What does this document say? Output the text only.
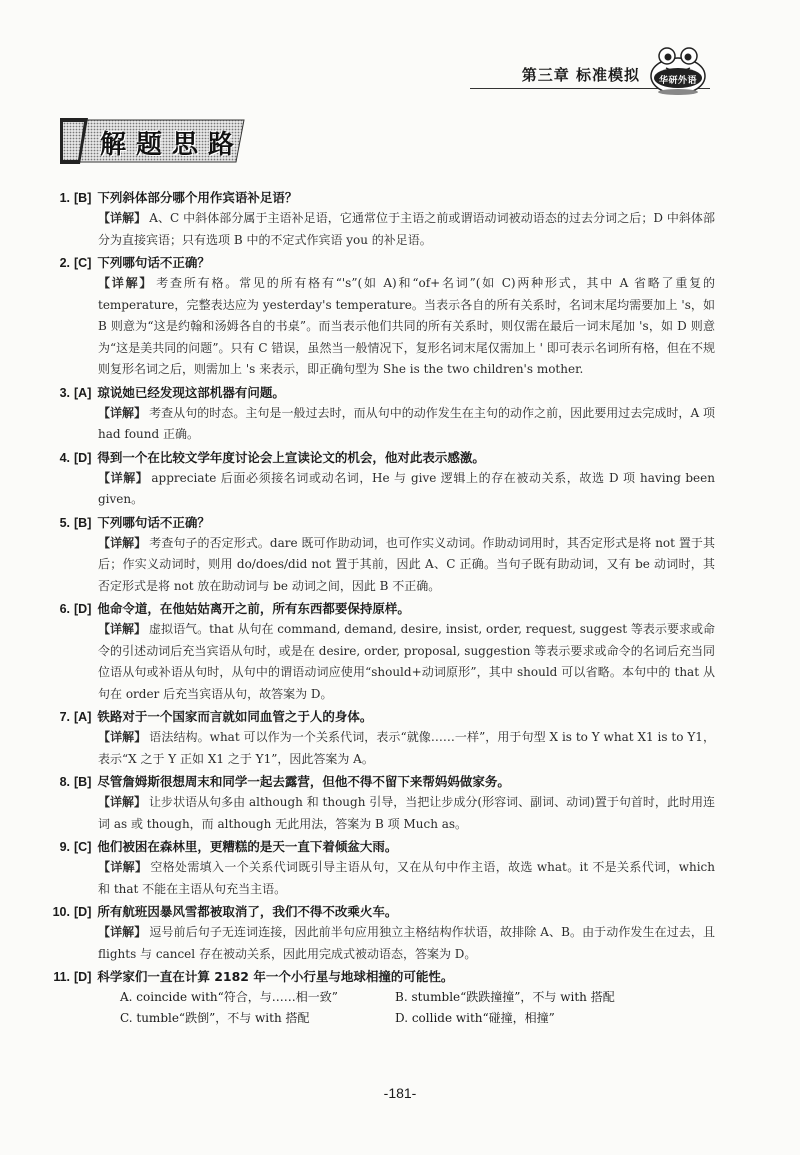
第三章 标准模拟	华研外语
解题思路
1. [B] 下列斜体部分哪个用作宾语补足语？
【详解】 A、C 中斜体部分属于主语补足语，它通常位于主语之前或谓语动词被动语态的过去分词之后；D 中斜体部分为直接宾语；只有选项 B 中的不定式作宾语 you 的补足语。
2. [C] 下列哪句话不正确？
【详解】 考查所有格。常见的所有格有“'s”(如 A)和“of+名词”(如 C)两种形式，其中 A 省略了重复的 temperature，完整表达应为 yesterday's temperature。当表示各自的所有关系时，名词末尾均需要加上 's，如 B 则意为“这是约翰和汤姆各自的书桌”。而当表示他们共同的所有关系时，则仅需在最后一词末尾加 's，如 D 则意为“这是美共同的问题”。只有 C 错误，虽然当一般情况下，复形名词末尾仅需加上 ' 即可表示名词所有格，但在不规则复形名词之后，则需加上 's 来表示，即正确句型为 She is the two children's mother.
3. [A] 琼说她已经发现这部机器有问题。
【详解】 考查从句的时态。主句是一般过去时，而从句中的动作发生在主句的动作之前，因此要用过去完成时，A 项 had found 正确。
4. [D] 得到一个在比较文学年度讨论会上宣读论文的机会，他对此表示感激。
【详解】 appreciate 后面必须接名词或动名词，He 与 give 逻辑上的存在被动关系，故选 D 项 having been given。
5. [B] 下列哪句话不正确？
【详解】 考查句子的否定形式。dare 既可作助动词，也可作实义动词。作助动词用时，其否定形式是将 not 置于其后；作实义动词时，则用 do/does/did not 置于其前，因此 A、C 正确。当句子既有助动词，又有 be 动词时，其否定形式是将 not 放在助动词与 be 动词之间，因此 B 不正确。
6. [D] 他命令道，在他姑姑离开之前，所有东西都要保持原样。
【详解】 虚拟语气。that 从句在 command, demand, desire, insist, order, request, suggest 等表示要求或命令的引述动词后充当宾语从句时，或是在 desire, order, proposal, suggestion 等表示要求或命令的名词后充当同位语从句或补语从句时，从句中的谓语动词应使用“should+动词原形”，其中 should 可以省略。本句中的 that 从句在 order 后充当宾语从句，故答案为 D。
7. [A] 铁路对于一个国家而言就如同血管之于人的身体。
【详解】 语法结构。what 可以作为一个关系代词，表示“就像……一样”，用于句型 X is to Y what X1 is to Y1，表示“X 之于 Y 正如 X1 之于 Y1”，因此答案为 A。
8. [B] 尽管詹姆斯很想周末和同学一起去露营，但他不得不留下来帮妈妈做家务。
【详解】 让步状语从句多由 although 和 though 引导，当把让步成分(形容词、副词、动词)置于句首时，此时用连词 as 或 though，而 although 无此用法，答案为 B 项 Much as。
9. [C] 他们被困在森林里，更糟糕的是天一直下着倾盆大雨。
【详解】 空格处需填入一个关系代词既引导主语从句，又在从句中作主语，故选 what。it 不是关系代词，which 和 that 不能在主语从句充当主语。
10. [D] 所有航班因暴风雪都被取消了，我们不得不改乘火车。
【详解】 逗号前后句子无连词连接，因此前半句应用独立主格结构作状语，故排除 A、B。由于动作发生在过去，且 flights 与 cancel 存在被动关系，因此用完成式被动语态，答案为 D。
11. [D] 科学家们一直在计算 2182 年一个小行星与地球相撞的可能性。
A. coincide with“符合，与……相一致”	B. stumble“跌跌撞撞”，不与 with 搭配
C. tumble“跌倒”，不与 with 搭配	D. collide with“碰撞，相撞”
-181-
